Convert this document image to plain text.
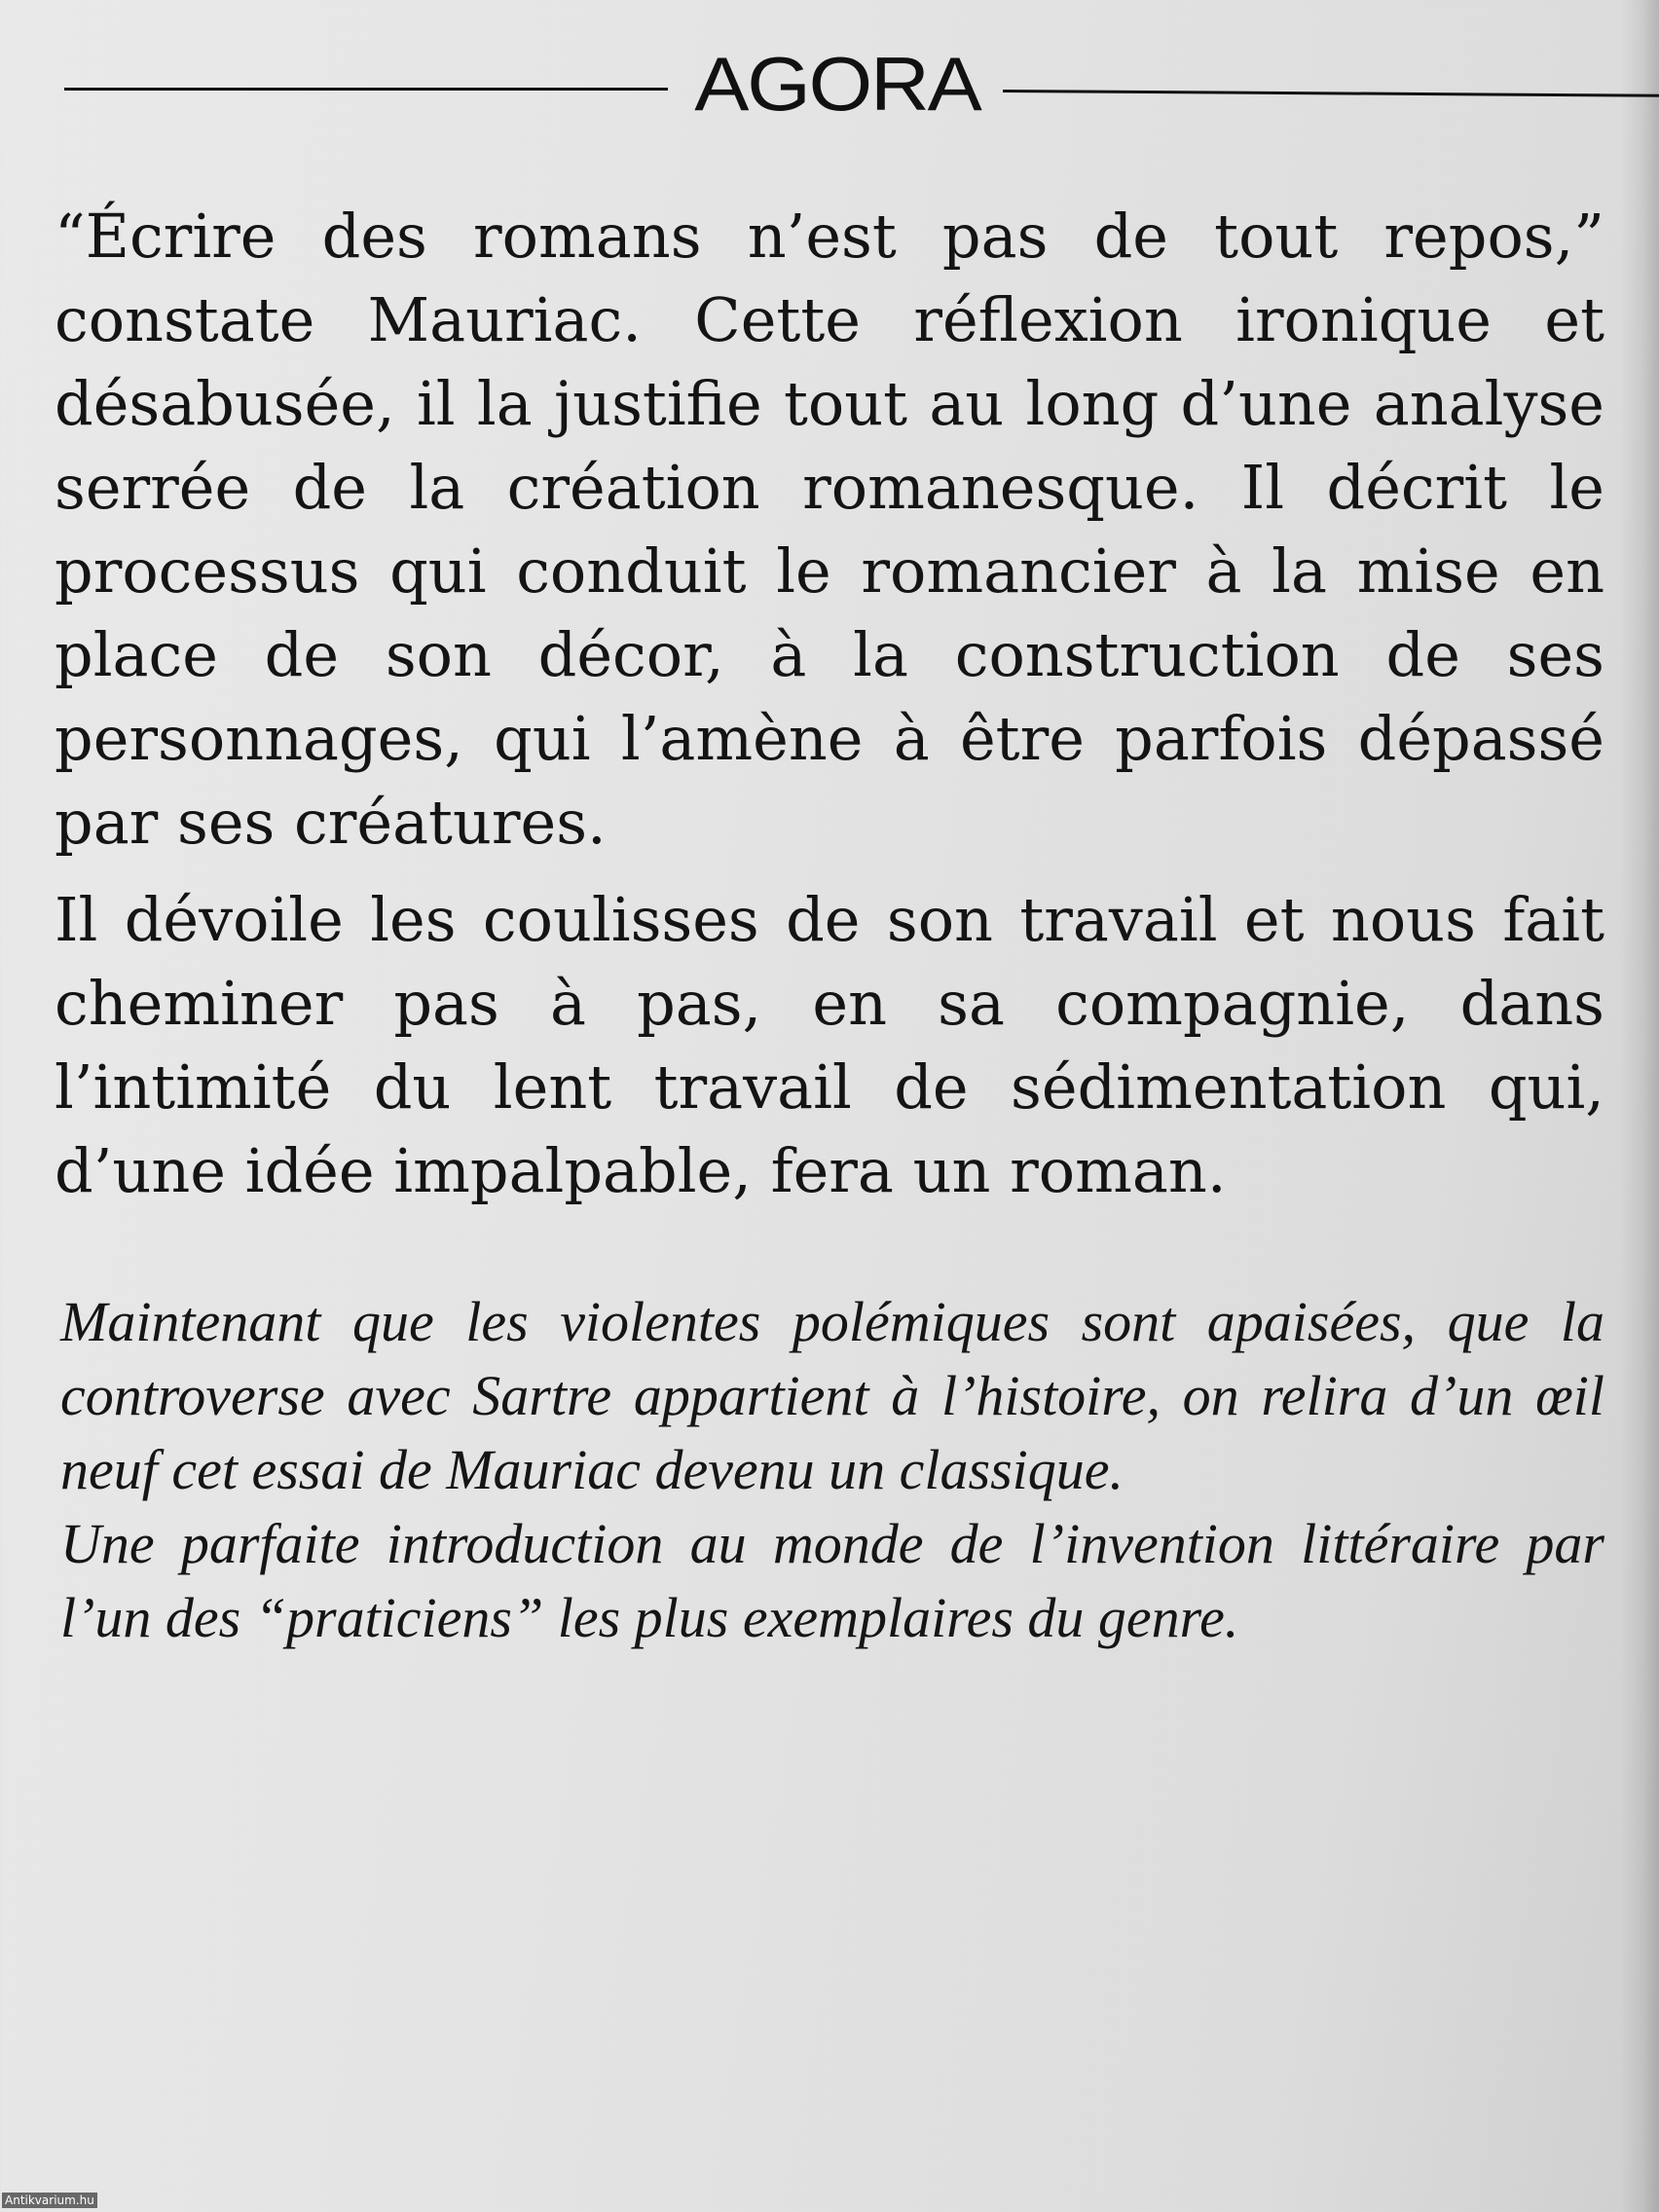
AGORA

“Écrire des romans n’est pas de tout repos,” constate Mauriac. Cette réflexion ironique et désabusée, il la justifie tout au long d’une analyse serrée de la création romanesque. Il décrit le processus qui conduit le romancier à la mise en place de son décor, à la construction de ses personnages, qui l’amène à être parfois dépassé par ses créatures.

Il dévoile les coulisses de son travail et nous fait cheminer pas à pas, en sa compagnie, dans l’intimité du lent travail de sédimentation qui, d’une idée impalpable, fera un roman.

Maintenant que les violentes polémiques sont apaisées, que la controverse avec Sartre appartient à l’histoire, on relira d’un œil neuf cet essai de Mauriac devenu un classique.

Une parfaite introduction au monde de l’invention littéraire par l’un des “praticiens” les plus exemplaires du genre.

Antikvarium.hu
